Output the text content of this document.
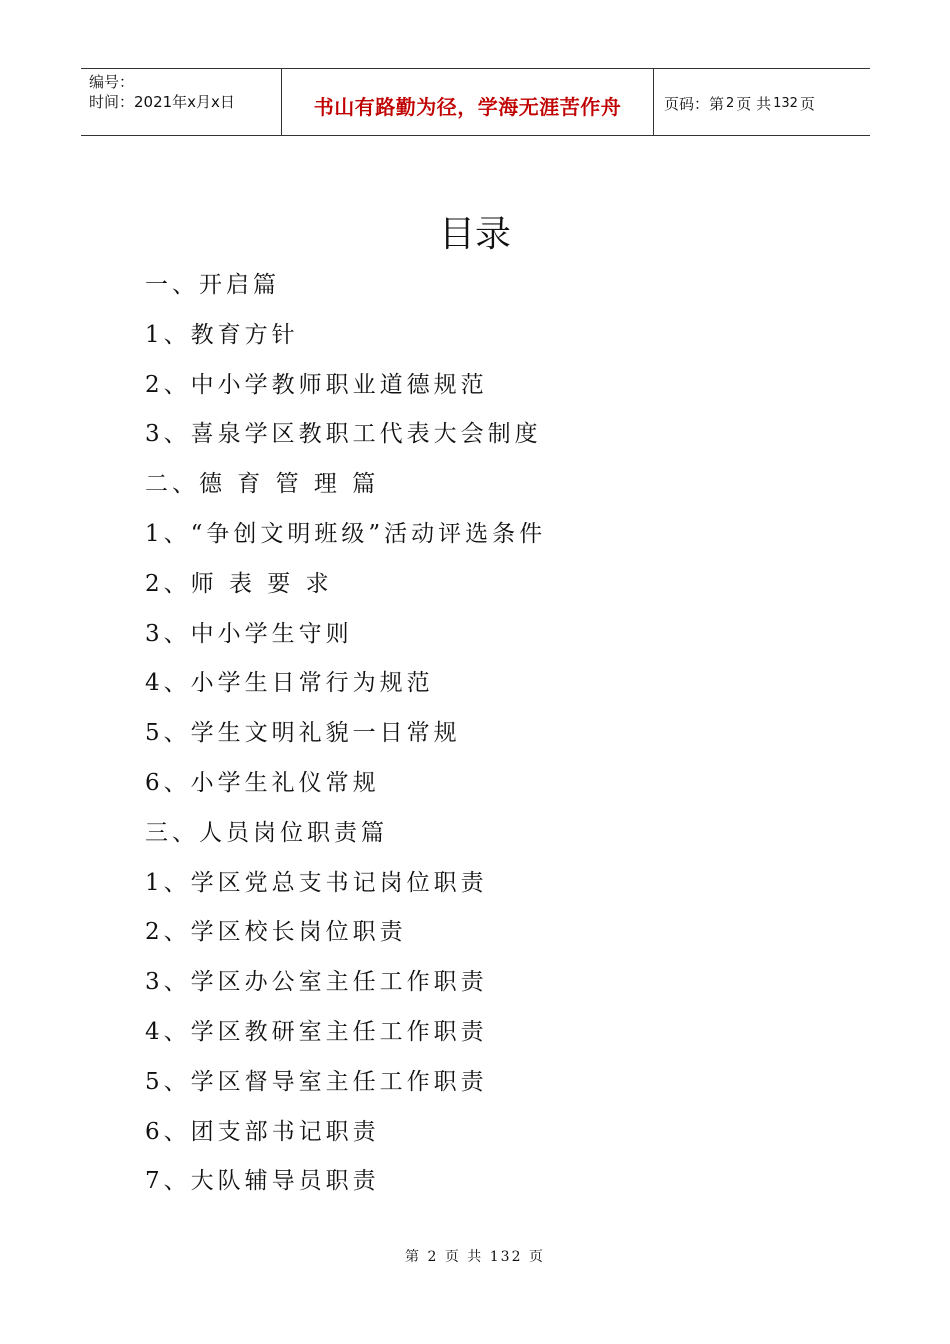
编号：
时间：2021年x月x日	书山有路勤为径，学海无涯苦作舟	页码：第 2 页 共 132 页
目录
一、开启篇
1、教育方针
2、中小学教师职业道德规范
3、喜泉学区教职工代表大会制度
二、德 育 管 理 篇
1、“争创文明班级”活动评选条件
2、师 表 要 求
3、中小学生守则
4、小学生日常行为规范
5、学生文明礼貌一日常规
6、小学生礼仪常规
三、人员岗位职责篇
1、学区党总支书记岗位职责
2、学区校长岗位职责
3、学区办公室主任工作职责
4、学区教研室主任工作职责
5、学区督导室主任工作职责
6、团支部书记职责
7、大队辅导员职责
第 2 页 共 132 页
